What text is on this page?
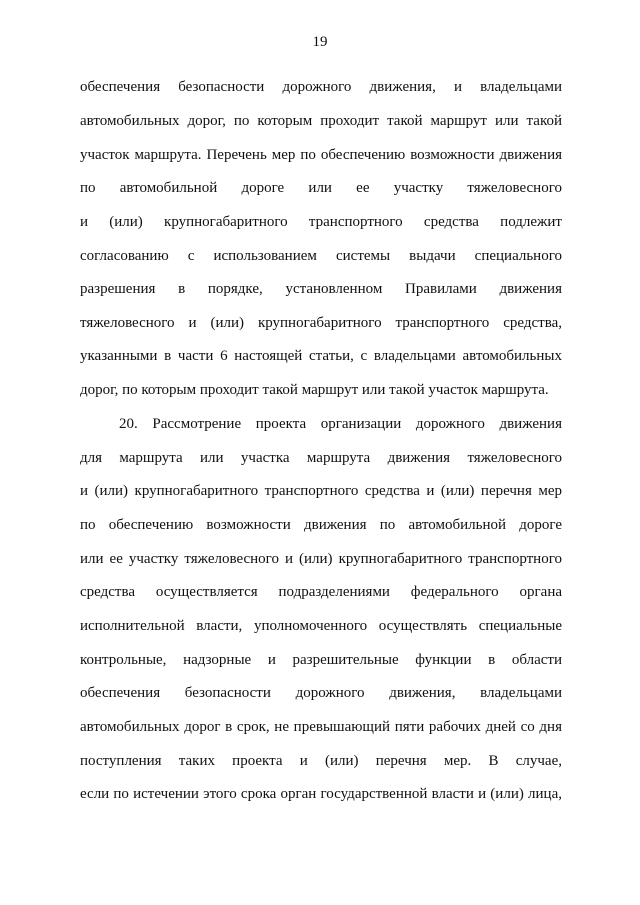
19
обеспечения безопасности дорожного движения, и владельцами
автомобильных дорог, по которым проходит такой маршрут или такой
участок маршрута. Перечень мер по обеспечению возможности движения
по автомобильной дороге или ее участку тяжеловесного
и (или) крупногабаритного транспортного средства подлежит
согласованию с использованием системы выдачи специального
разрешения в порядке, установленном Правилами движения
тяжеловесного и (или) крупногабаритного транспортного средства,
указанными в части 6 настоящей статьи, с владельцами автомобильных
дорог, по которым проходит такой маршрут или такой участок маршрута.
20. Рассмотрение проекта организации дорожного движения
для маршрута или участка маршрута движения тяжеловесного
и (или) крупногабаритного транспортного средства и (или) перечня мер
по обеспечению возможности движения по автомобильной дороге
или ее участку тяжеловесного и (или) крупногабаритного транспортного
средства осуществляется подразделениями федерального органа
исполнительной власти, уполномоченного осуществлять специальные
контрольные, надзорные и разрешительные функции в области
обеспечения безопасности дорожного движения, владельцами
автомобильных дорог в срок, не превышающий пяти рабочих дней со дня
поступления таких проекта и (или) перечня мер. В случае,
если по истечении этого срока орган государственной власти и (или) лица,
